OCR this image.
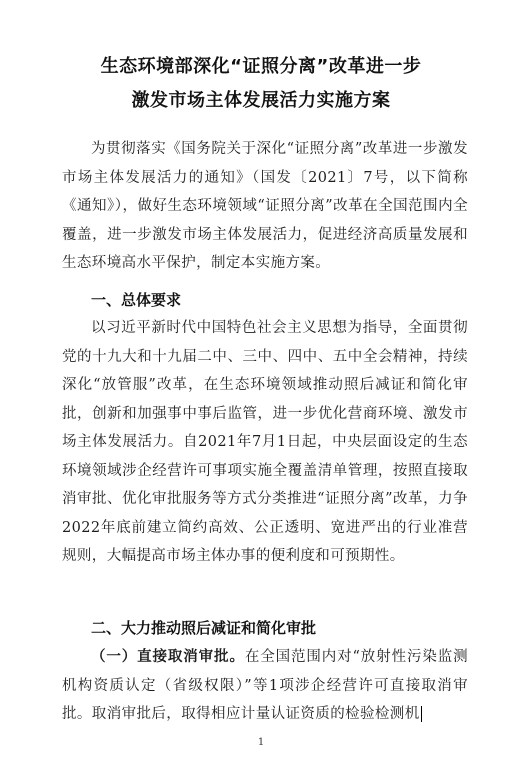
生态环境部深化“证照分离”改革进一步
激发市场主体发展活力实施方案
为贯彻落实《国务院关于深化“证照分离”改革进一步激发市场主体发展活力的通知》（国发〔2021〕7号，以下简称《通知》），做好生态环境领域“证照分离”改革在全国范围内全覆盖，进一步激发市场主体发展活力，促进经济高质量发展和生态环境高水平保护，制定本实施方案。
一、总体要求
以习近平新时代中国特色社会主义思想为指导，全面贯彻党的十九大和十九届二中、三中、四中、五中全会精神，持续深化“放管服”改革，在生态环境领域推动照后减证和简化审批，创新和加强事中事后监管，进一步优化营商环境、激发市场主体发展活力。自2021年7月1日起，中央层面设定的生态环境领域涉企经营许可事项实施全覆盖清单管理，按照直接取消审批、优化审批服务等方式分类推进“证照分离”改革，力争2022年底前建立简约高效、公正透明、宽进严出的行业准营规则，大幅提高市场主体办事的便利度和可预期性。
二、大力推动照后减证和简化审批
（一）直接取消审批。在全国范围内对“放射性污染监测机构资质认定（省级权限）”等1项涉企经营许可直接取消审批。取消审批后，取得相应计量认证资质的检验检测机
1
